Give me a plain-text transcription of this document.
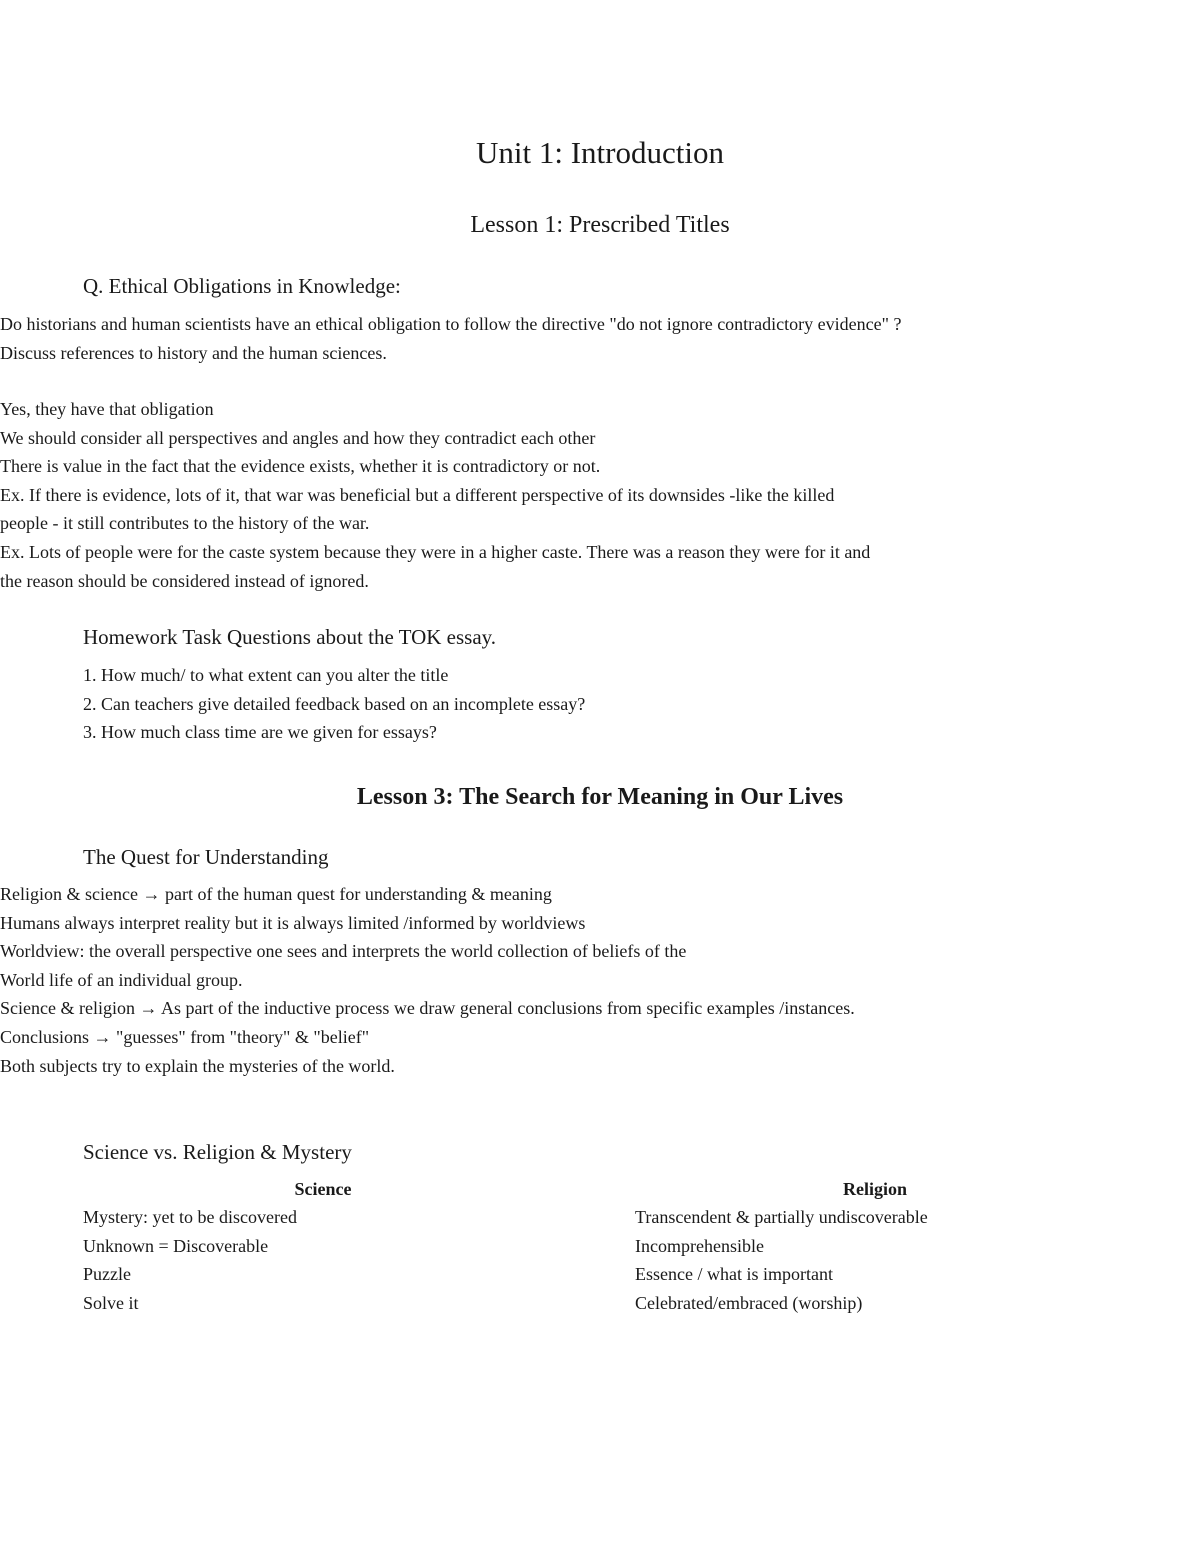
Unit 1: Introduction
Lesson 1: Prescribed Titles
Q. Ethical Obligations in Knowledge:
Do historians and human scientists have an ethical obligation to follow the directive "do not ignore contradictory evidence" ?
Discuss references to history and the human sciences.
Yes, they have that obligation
We should consider all perspectives and angles and how they contradict each other
There is value in the fact that the evidence exists, whether it is contradictory or not.
Ex. If there is evidence, lots of it, that war was beneficial but a different perspective of its downsides -like the killed people - it still contributes to the history of the war.
Ex. Lots of people were for the caste system because they were in a higher caste. There was a reason they were for it and the reason should be considered instead of ignored.
Homework Task Questions about the TOK essay.
1. How much/ to what extent can you alter the title
2. Can teachers give detailed feedback based on an incomplete essay?
3. How much class time are we given for essays?
Lesson 3: The Search for Meaning in Our Lives
The Quest for Understanding
Religion & science → part of the human quest for understanding & meaning
Humans always interpret reality but it is always limited /informed by worldviews
Worldview: the overall perspective one sees and interprets the world collection of beliefs of the
World life of an individual group.
Science & religion → As part of the inductive process we draw general conclusions from specific examples /instances.
Conclusions → "guesses" from "theory" & "belief"
Both subjects try to explain the mysteries of the world.
Science vs. Religion & Mystery
Science	Religion
Mystery: yet to be discovered
Unknown = Discoverable
Puzzle
Solve it
Transcendent & partially undiscoverable
Incomprehensible
Essence / what is important
Celebrated/embraced (worship)
